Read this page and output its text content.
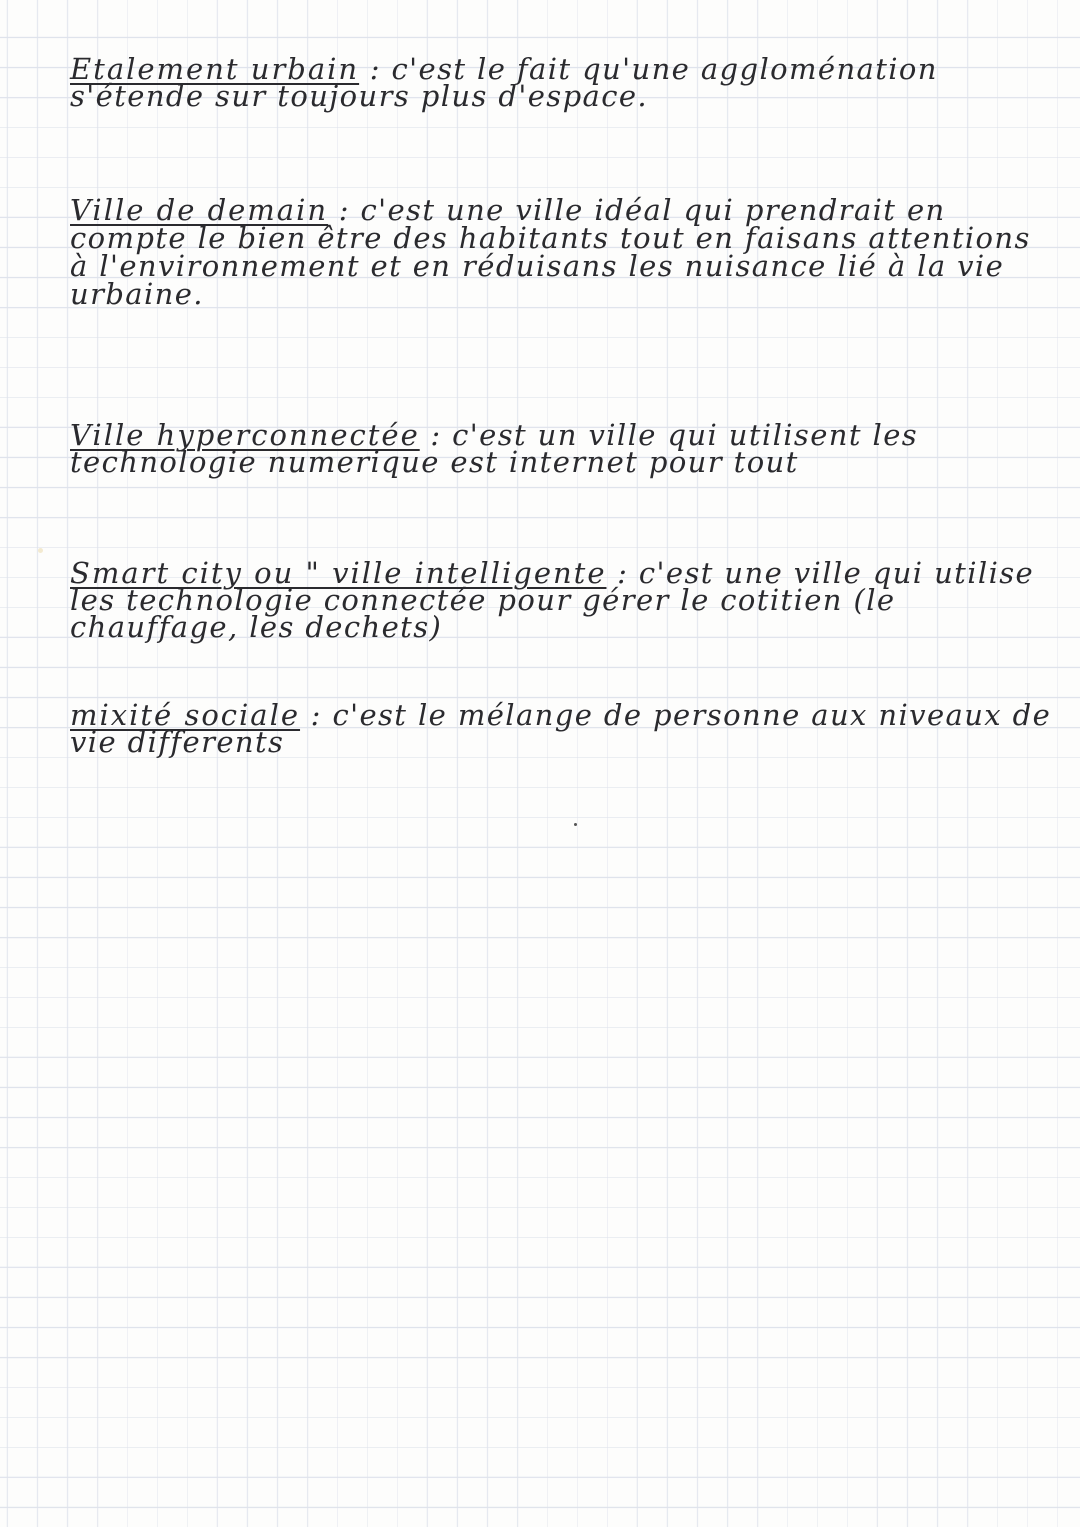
Etalement urbain : c'est le fait qu'une aggloménation s'étende sur toujours plus d'espace.
Ville de demain : c'est une ville idéal qui prendrait en compte le bien être des habitants tout en faisans attentions à l'environnement et en réduisans les nuisance lié à la vie urbaine.
Ville hyperconnectée : c'est un ville qui utilisent les technologie numerique est internet pour tout
Smart city ou " ville intelligente : c'est une ville qui utilise les technologie connectée pour gérer le cotitien (le chauffage, les dechets)
mixité sociale : c'est le mélange de personne aux niveaux de vie differents
